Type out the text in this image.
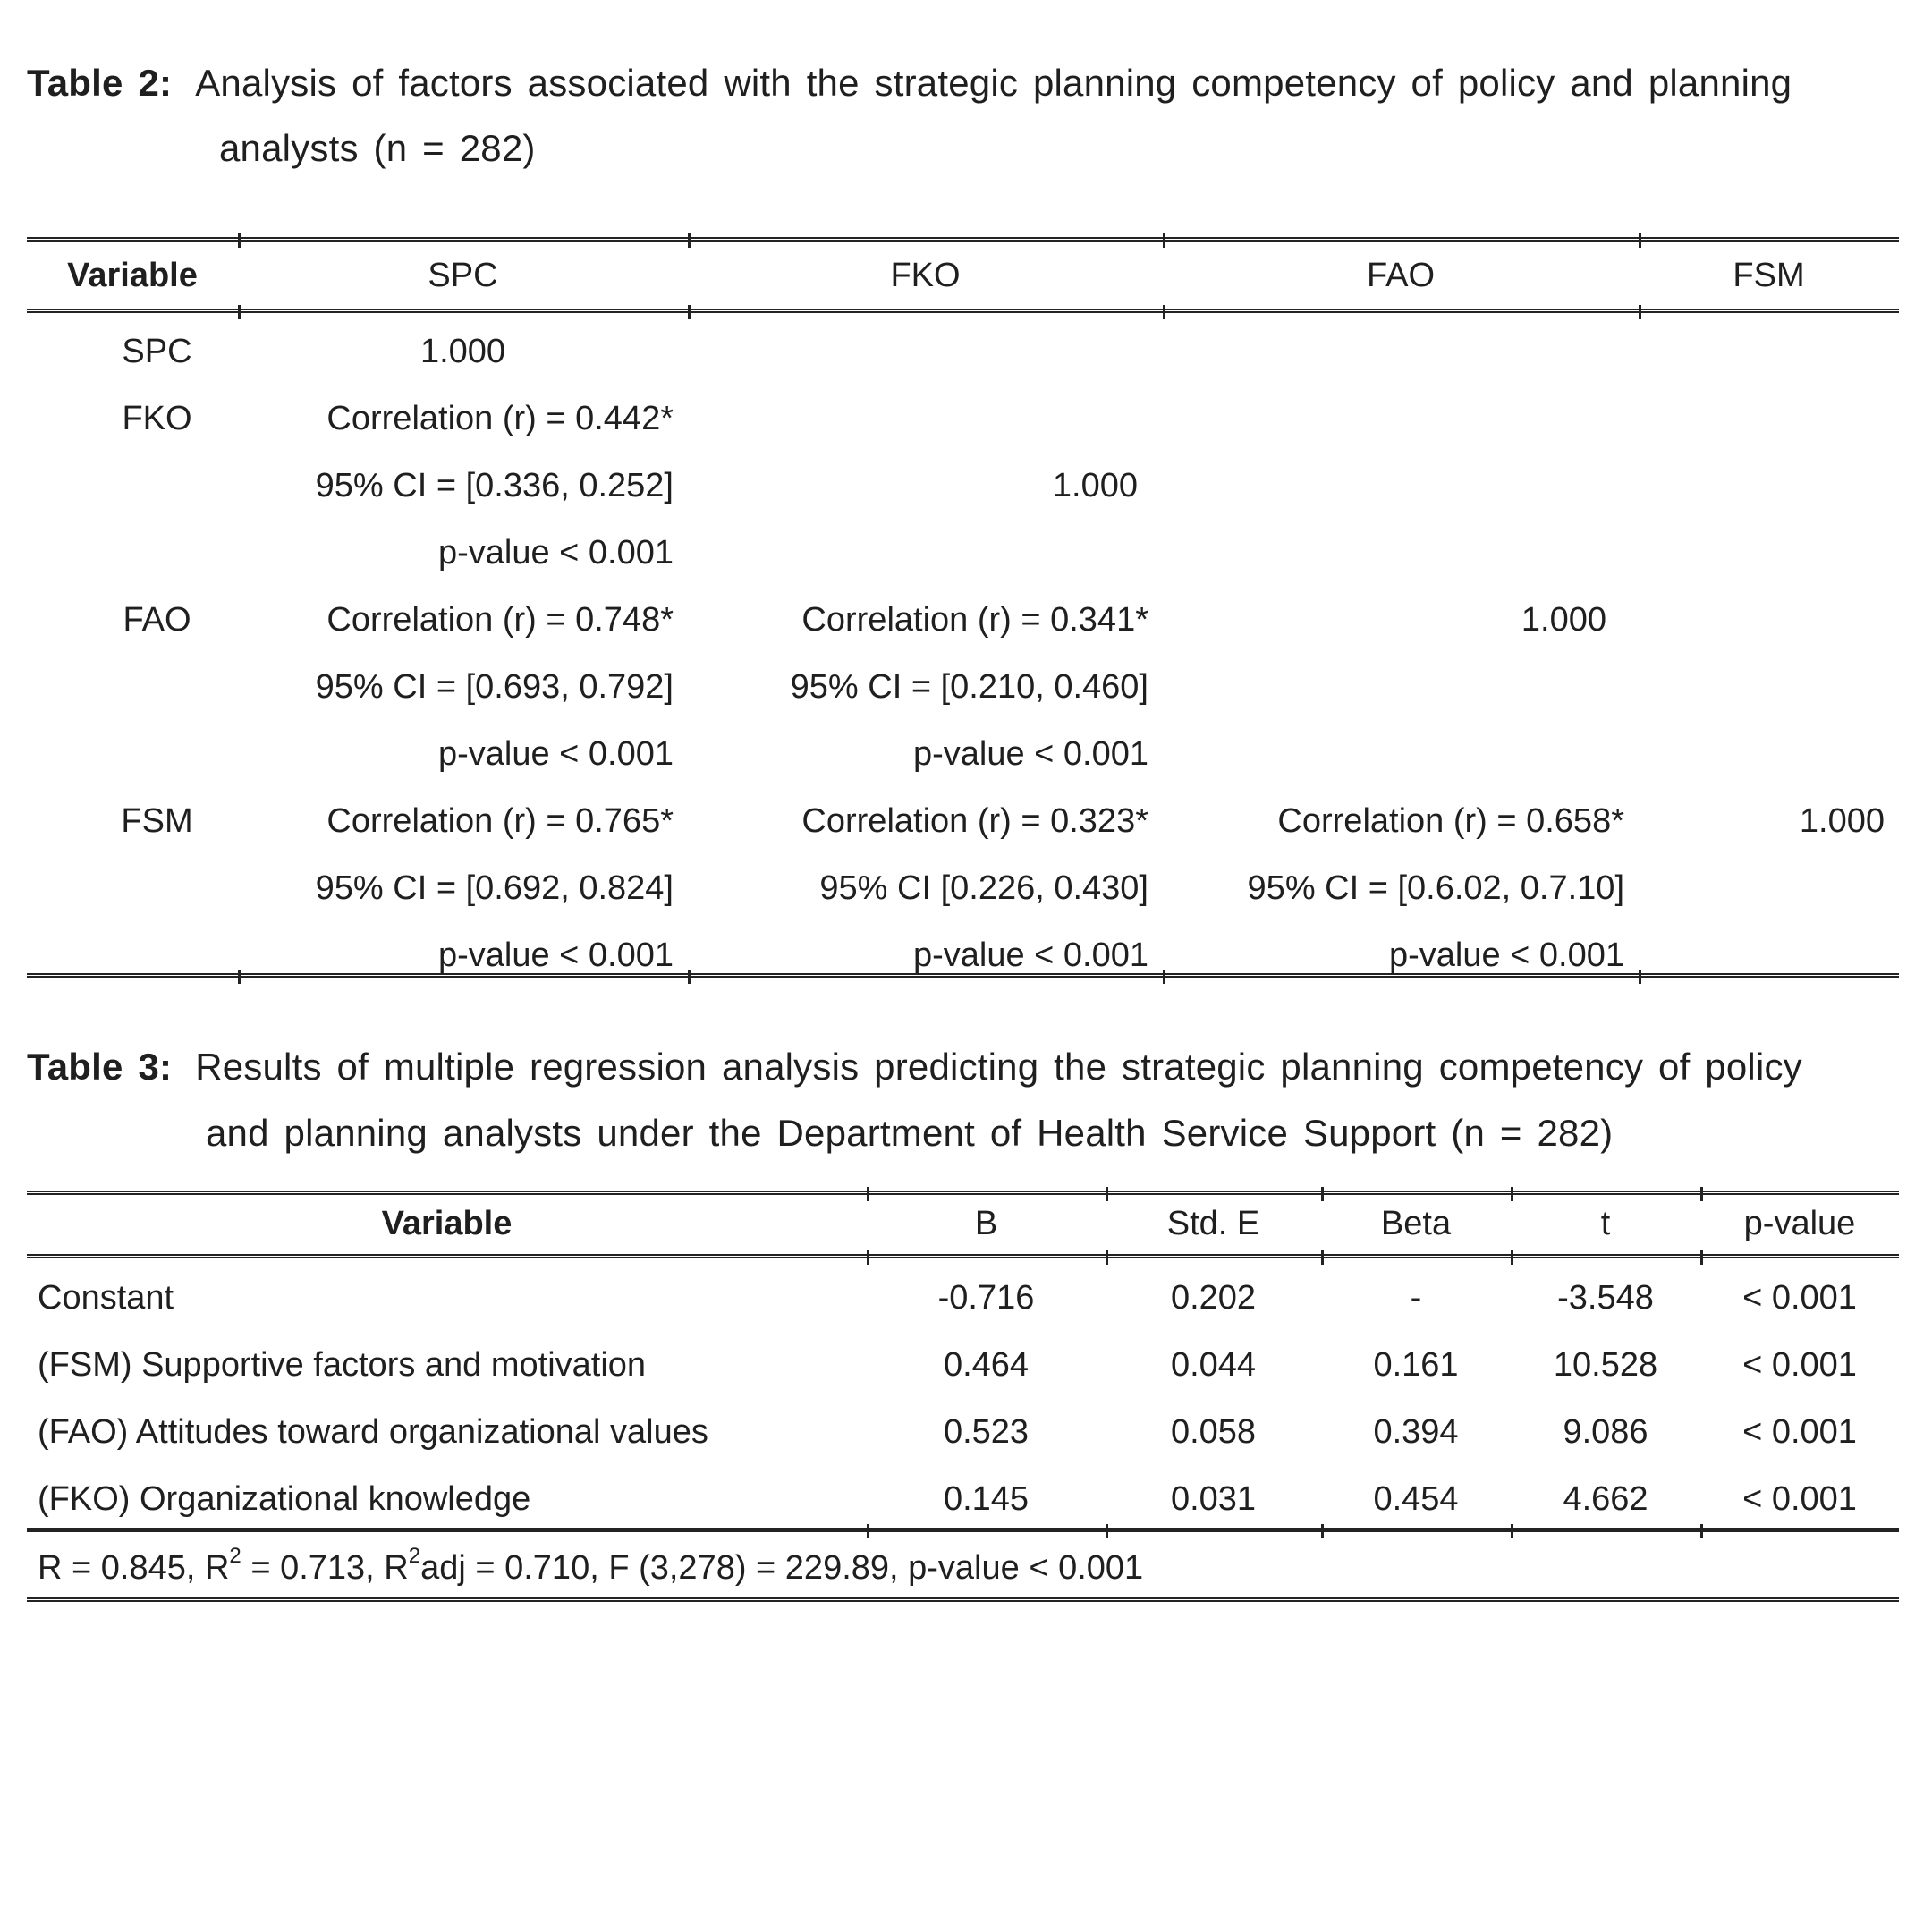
Table 2: Analysis of factors associated with the strategic planning competency of policy and planning
analysts (n = 282)
Variable	SPC	FKO	FAO	FSM
SPC	1.000
FKO	Correlation (r) = 0.442*
95% CI = [0.336, 0.252]	1.000
p-value < 0.001
FAO	Correlation (r) = 0.748*	Correlation (r) = 0.341*	1.000
95% CI = [0.693, 0.792]	95% CI = [0.210, 0.460]
p-value < 0.001	p-value < 0.001
FSM	Correlation (r) = 0.765*	Correlation (r) = 0.323*	Correlation (r) = 0.658*	1.000
95% CI = [0.692, 0.824]	95% CI [0.226, 0.430]	95% CI = [0.6.02, 0.7.10]
p-value < 0.001	p-value < 0.001	p-value < 0.001
Table 3: Results of multiple regression analysis predicting the strategic planning competency of policy
and planning analysts under the Department of Health Service Support (n = 282)
Variable	B	Std. E	Beta	t	p-value
Constant	-0.716	0.202	-	-3.548	< 0.001
(FSM) Supportive factors and motivation	0.464	0.044	0.161	10.528	< 0.001
(FAO) Attitudes toward organizational values	0.523	0.058	0.394	9.086	< 0.001
(FKO) Organizational knowledge	0.145	0.031	0.454	4.662	< 0.001
R = 0.845, $R^2 = 0.713$, $R^2adj = 0.710$, F (3,278) = 229.89, p-value < 0.001
